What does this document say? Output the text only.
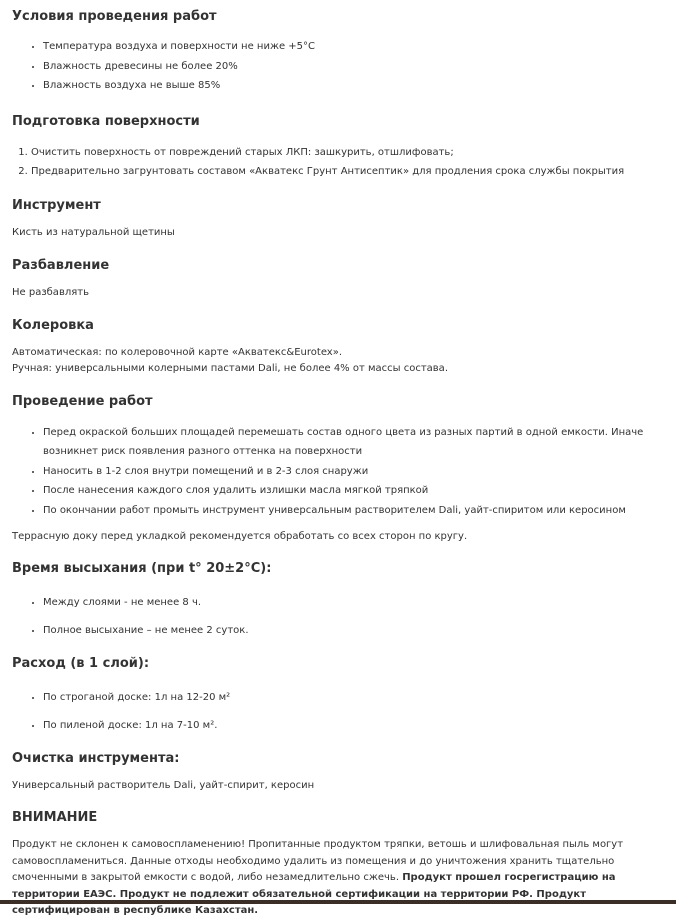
Условия проведения работ
• Температура воздуха и поверхности не ниже +5°С
• Влажность древесины не более 20%
• Влажность воздуха не выше 85%
Подготовка поверхности
1. Очистить поверхность от повреждений старых ЛКП: зашкурить, отшлифовать;
2. Предварительно загрунтовать составом «Акватекс Грунт Антисептик» для продления срока службы покрытия
Инструмент

Кисть из натуральной щетины

Разбавление

Не разбавлять

Колеровка

Автоматическая: по колеровочной карте «Акватекс&Eurotex».

Ручная: универсальными колерными пастами Dali, не более 4% от массы состава.

Проведение работ
• Перед окраской больших площадей перемешать состав одного цвета из разных партий в одной емкости. Иначе возникнет риск появления разного оттенка на поверхности
• Наносить в 1-2 слоя внутри помещений и в 2-3 слоя снаружи
• После нанесения каждого слоя удалить излишки масла мягкой тряпкой
• По окончании работ промыть инструмент универсальным растворителем Dali, уайт-спиритом или керосином

Террасную доку перед укладкой рекомендуется обработать со всех сторон по кругу.

Время высыхания (при t° 20±2°С):
• Между слоями - не менее 8 ч.
• Полное высыхание – не менее 2 суток.
Расход (в 1 слой):
• По строганой доске: 1л на 12-20 м²
• По пиленой доске: 1л на 7-10 м².
Очистка инструмента:

Универсальный растворитель Dali, уайт-спирит, керосин

ВНИМАНИЕ

Продукт не склонен к самовоспламенению! Пропитанные продуктом тряпки, ветошь и шлифовальная пыль могут самовоспламениться. Данные отходы необходимо удалить из помещения и до уничтожения хранить тщательно смоченными в закрытой емкости с водой, либо незамедлительно сжечь. Продукт прошел госрегистрацию на территории ЕАЭС. Продукт не подлежит обязательной сертификации на территории РФ. Продукт сертифицирован в республике Казахстан.
